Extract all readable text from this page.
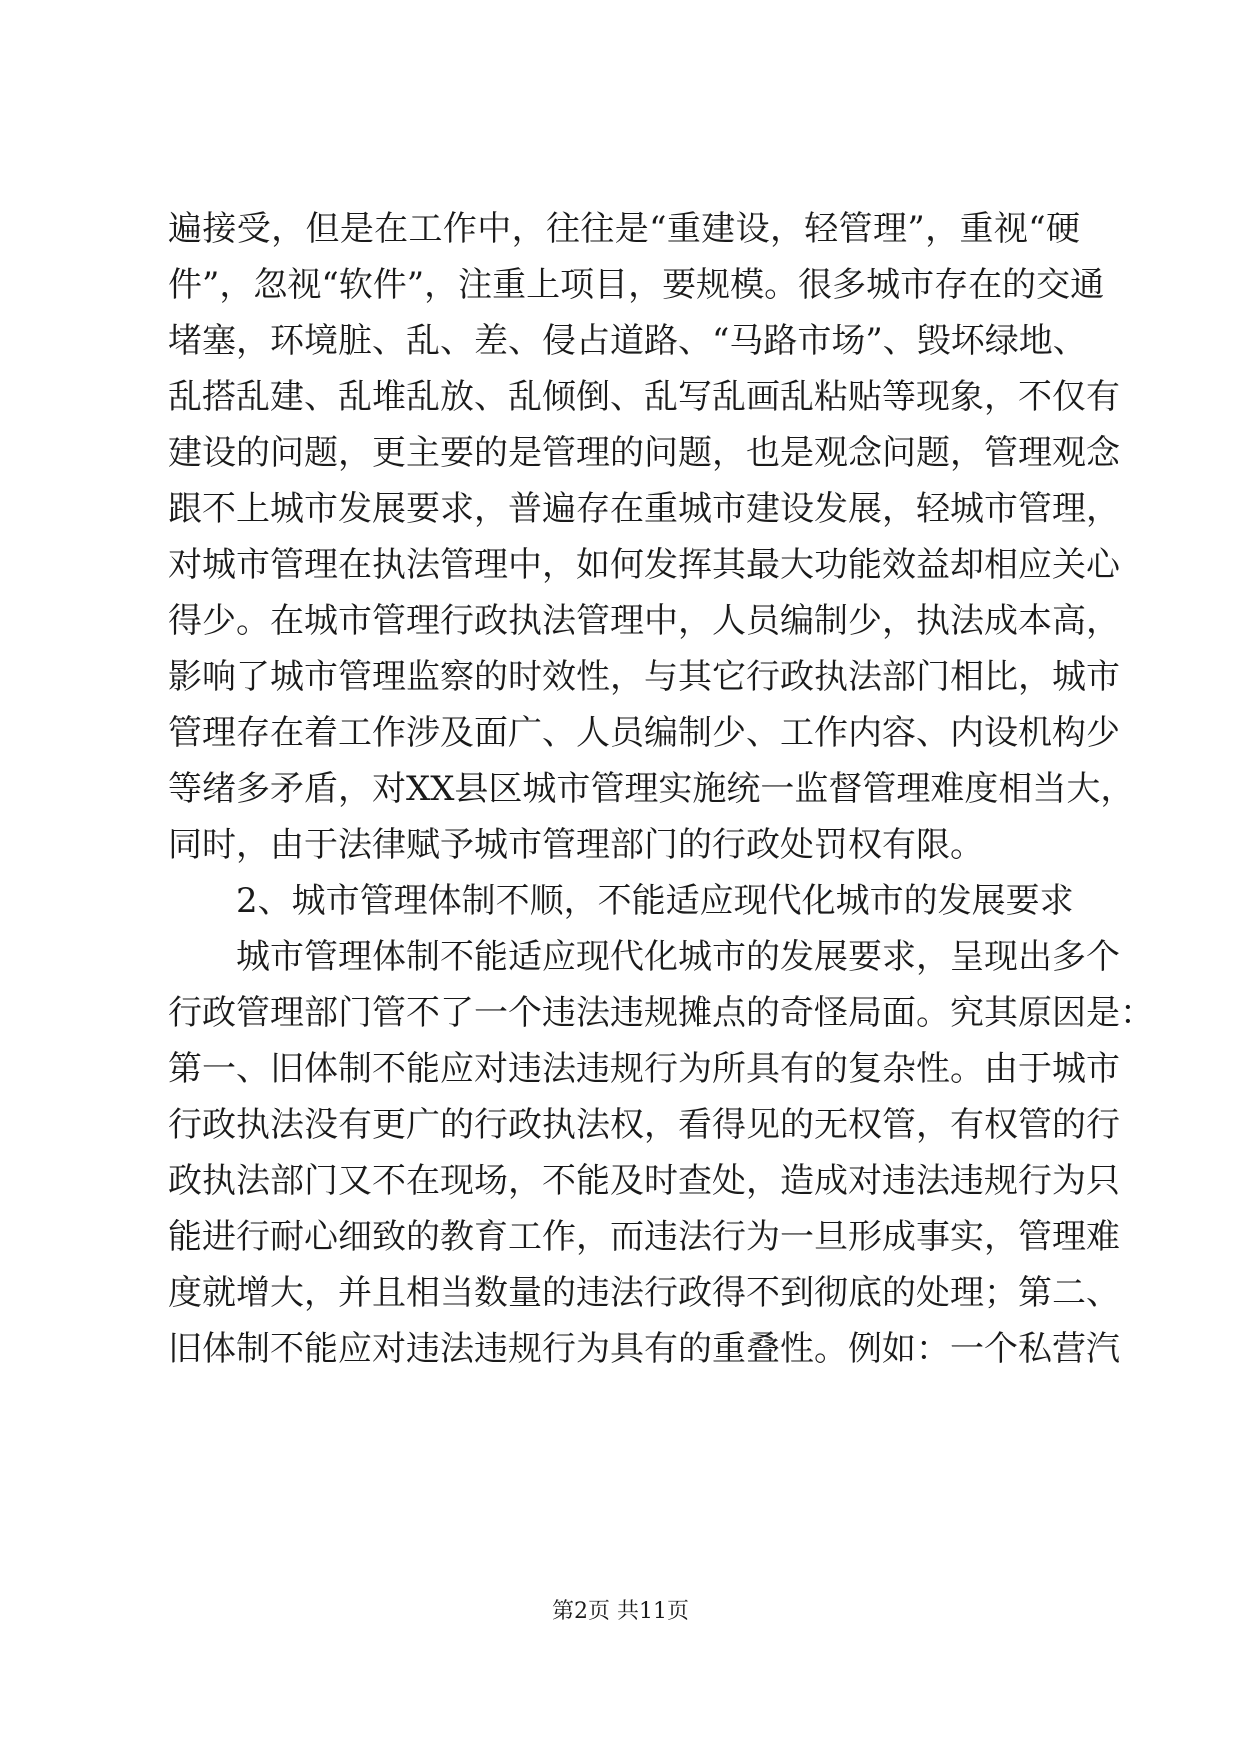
遍接受，但是在工作中，往往是“重建设，轻管理”，重视“硬
件”，忽视“软件”，注重上项目，要规模。很多城市存在的交通
堵塞，环境脏、乱、差、侵占道路、“马路市场”、毁坏绿地、
乱搭乱建、乱堆乱放、乱倾倒、乱写乱画乱粘贴等现象，不仅有
建设的问题，更主要的是管理的问题，也是观念问题，管理观念
跟不上城市发展要求，普遍存在重城市建设发展，轻城市管理，
对城市管理在执法管理中，如何发挥其最大功能效益却相应关心
得少。在城市管理行政执法管理中，人员编制少，执法成本高，
影响了城市管理监察的时效性，与其它行政执法部门相比，城市
管理存在着工作涉及面广、人员编制少、工作内容、内设机构少
等绪多矛盾，对XX县区城市管理实施统一监督管理难度相当大，
同时，由于法律赋予城市管理部门的行政处罚权有限。
2、城市管理体制不顺，不能适应现代化城市的发展要求
城市管理体制不能适应现代化城市的发展要求，呈现出多个
行政管理部门管不了一个违法违规摊点的奇怪局面。究其原因是：
第一、旧体制不能应对违法违规行为所具有的复杂性。由于城市
行政执法没有更广的行政执法权，看得见的无权管，有权管的行
政执法部门又不在现场，不能及时查处，造成对违法违规行为只
能进行耐心细致的教育工作，而违法行为一旦形成事实，管理难
度就增大，并且相当数量的违法行政得不到彻底的处理；第二、
旧体制不能应对违法违规行为具有的重叠性。例如：一个私营汽
第2页 共11页
